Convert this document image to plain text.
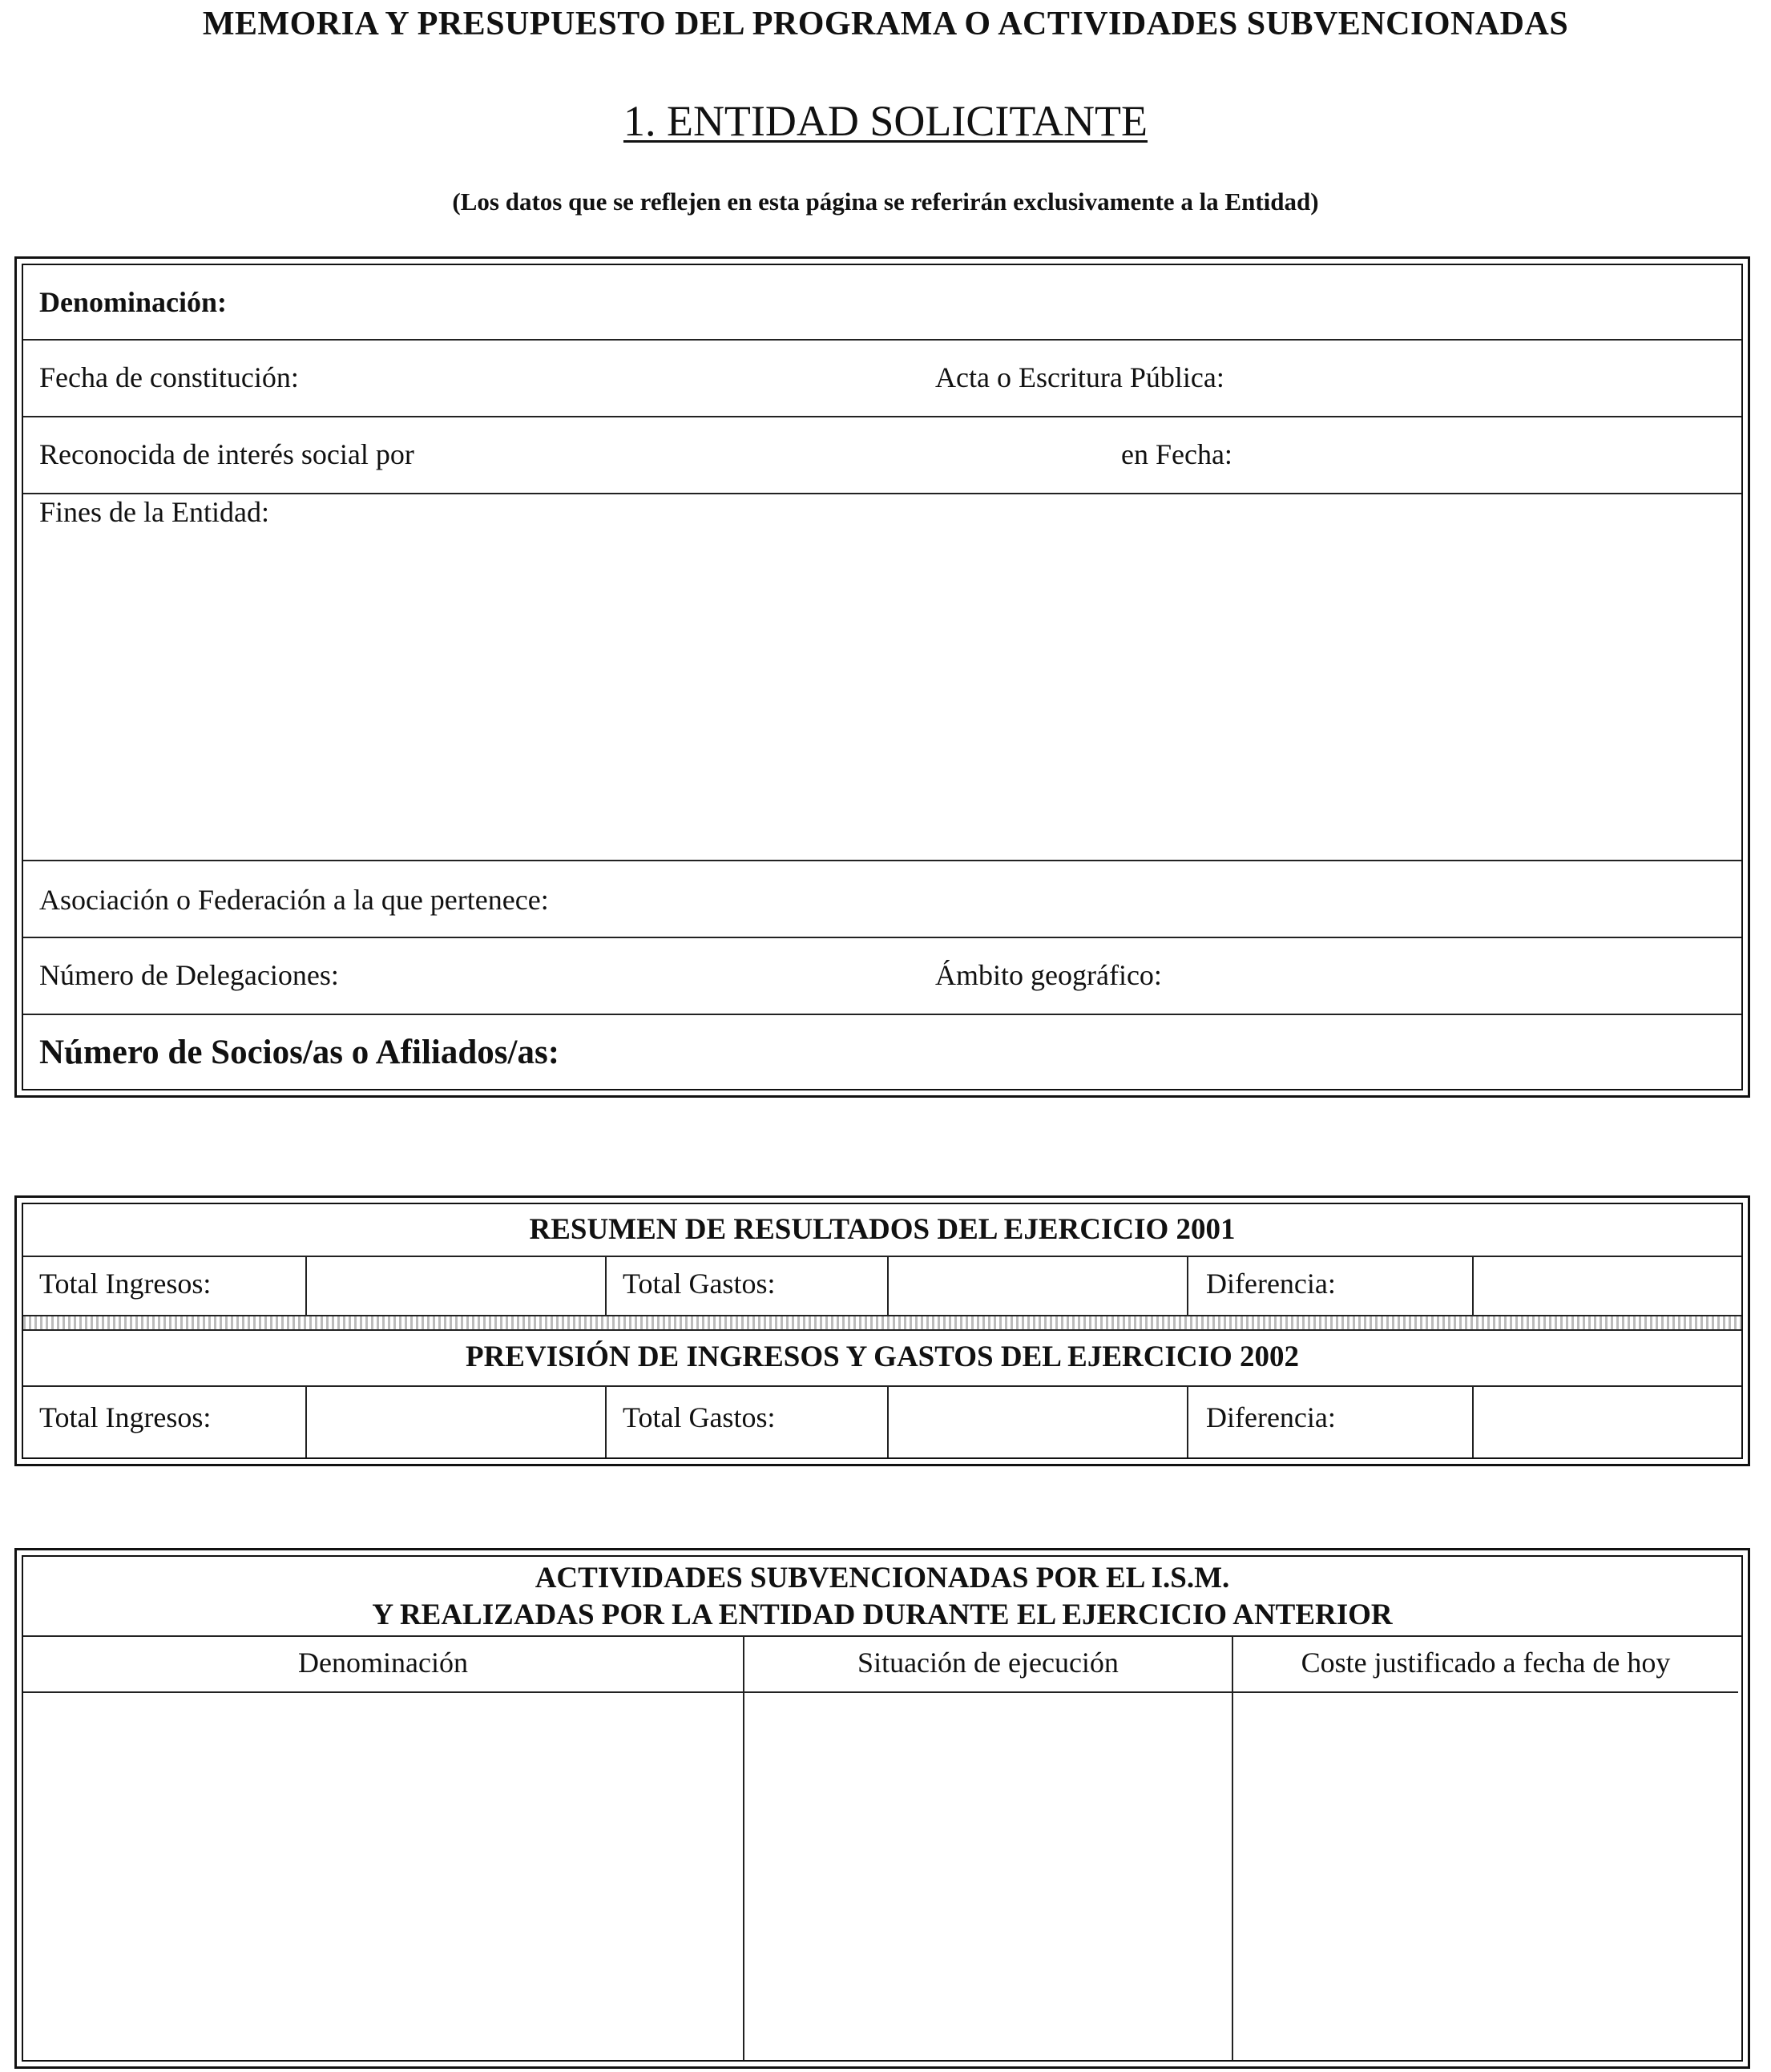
MEMORIA Y PRESUPUESTO DEL PROGRAMA O ACTIVIDADES SUBVENCIONADAS
1. ENTIDAD SOLICITANTE
(Los datos que se reflejen en esta página se referirán exclusivamente a la Entidad)
Denominación:
Fecha de constitución:	Acta o Escritura Pública:
Reconocida de interés social por	en Fecha:
Fines de la Entidad:
Asociación o Federación a la que pertenece:
Número de Delegaciones:	Ámbito geográfico:
Número de Socios/as o Afiliados/as:
RESUMEN DE RESULTADOS DEL EJERCICIO 2001
Total Ingresos:	Total Gastos:	Diferencia:
PREVISIÓN DE INGRESOS Y GASTOS DEL EJERCICIO 2002
Total Ingresos:	Total Gastos:	Diferencia:
ACTIVIDADES SUBVENCIONADAS POR EL I.S.M.
Y REALIZADAS POR LA ENTIDAD DURANTE EL EJERCICIO ANTERIOR
Denominación	Situación de ejecución	Coste justificado a fecha de hoy
